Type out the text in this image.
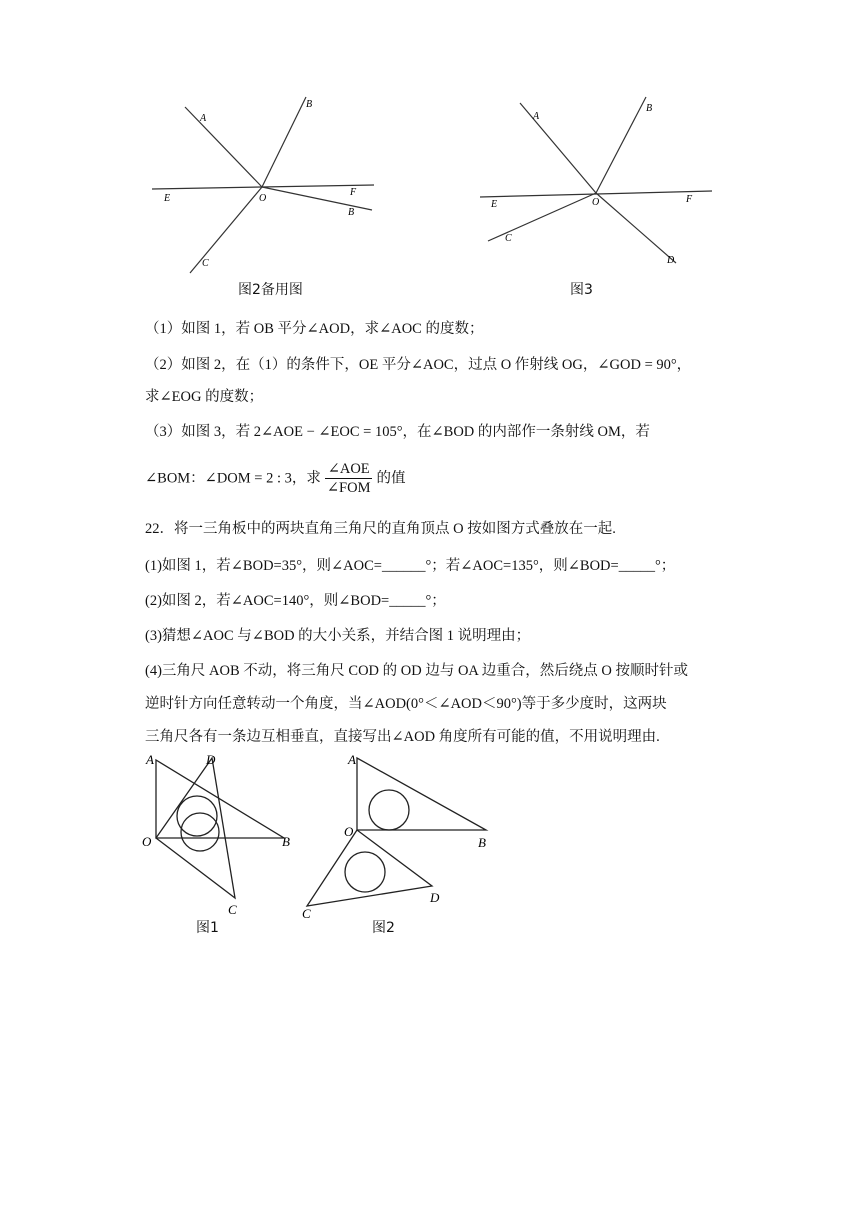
A
B
E	O
F
B
C
图2备用图
A
B
E	O	F
C
D
图3
（1）如图 1，若 OB 平分∠AOD，求∠AOC 的度数；
（2）如图 2，在（1）的条件下，OE 平分∠AOC，过点 O 作射线 OG，∠GOD = 90°，
求∠EOG 的度数；
（3）如图 3，若 2∠AOE − ∠EOC = 105°，在∠BOD 的内部作一条射线 OM，若
∠BOM：∠DOM = 2 : 3，求 $\frac{\text{∠AOE}}{\text{∠FOM}}$ 的值
22．将一三角板中的两块直角三角尺的直角顶点 O 按如图方式叠放在一起.
(1)如图 1，若∠BOD=35°，则∠AOC=______°；若∠AOC=135°，则∠BOD=_____°；
(2)如图 2，若∠AOC=140°，则∠BOD=_____°；
(3)猜想∠AOC 与∠BOD 的大小关系，并结合图 1 说明理由；
(4)三角尺 AOB 不动，将三角尺 COD 的 OD 边与 OA 边重合，然后绕点 O 按顺时针或
逆时针方向任意转动一个角度，当∠AOD(0°＜∠AOD＜90°)等于多少度时，这两块
三角尺各有一条边互相垂直，直接写出∠AOD 角度所有可能的值，不用说明理由.
A	D
O	B
C
图1
A
O
B
C
D
图2
